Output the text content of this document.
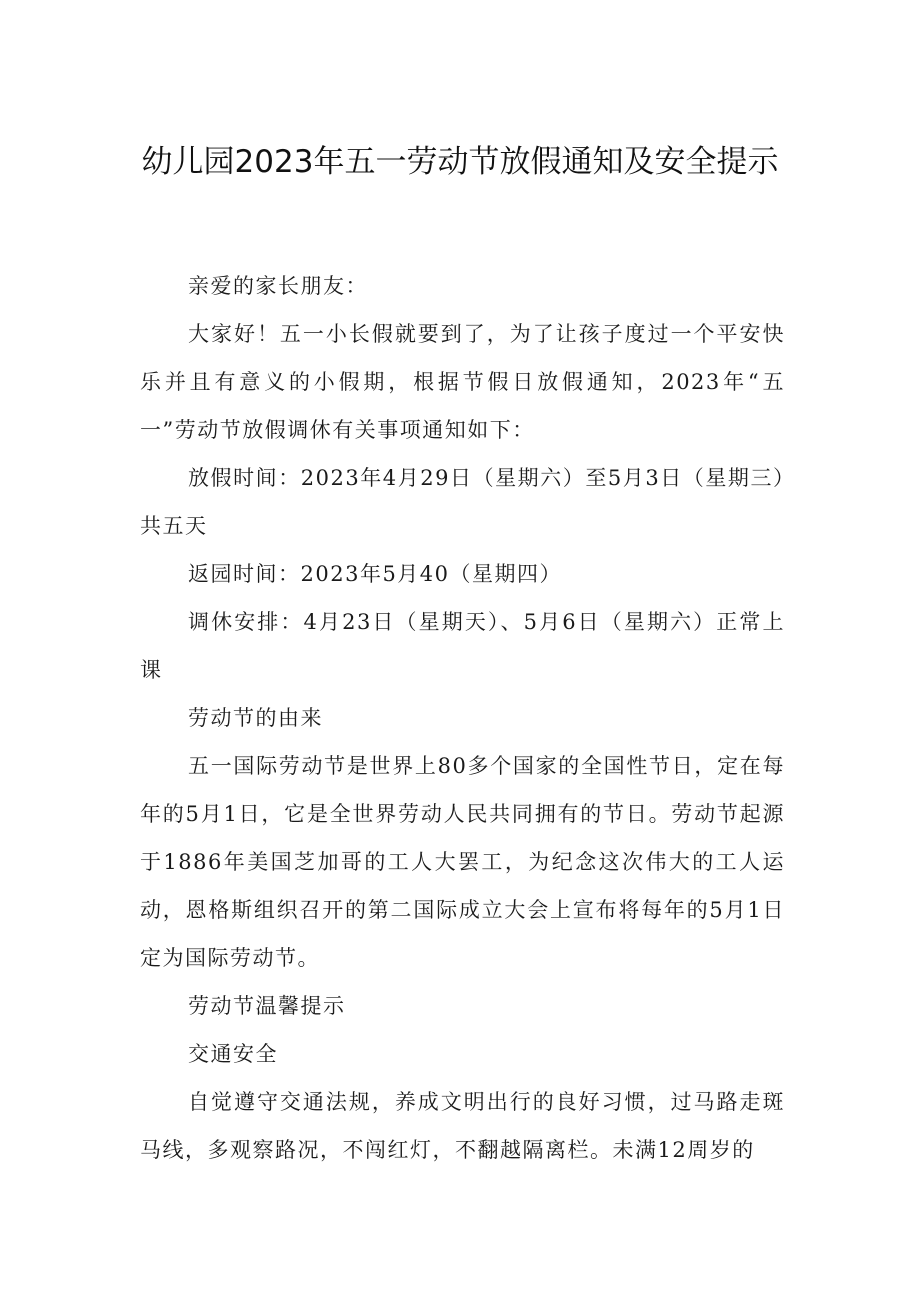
幼儿园2023年五一劳动节放假通知及安全提示

亲爱的家长朋友：

大家好！五一小长假就要到了，为了让孩子度过一个平安快乐并且有意义的小假期，根据节假日放假通知，2023年“五一”劳动节放假调休有关事项通知如下：

放假时间：2023年4月29日（星期六）至5月3日（星期三）共五天

返园时间：2023年5月40（星期四）

调休安排：4月23日（星期天）、5月6日（星期六）正常上课

劳动节的由来

五一国际劳动节是世界上80多个国家的全国性节日，定在每年的5月1日，它是全世界劳动人民共同拥有的节日。劳动节起源于1886年美国芝加哥的工人大罢工，为纪念这次伟大的工人运动，恩格斯组织召开的第二国际成立大会上宣布将每年的5月1日定为国际劳动节。

劳动节温馨提示

交通安全

自觉遵守交通法规，养成文明出行的良好习惯，过马路走斑马线，多观察路况，不闯红灯，不翻越隔离栏。未满12周岁的
